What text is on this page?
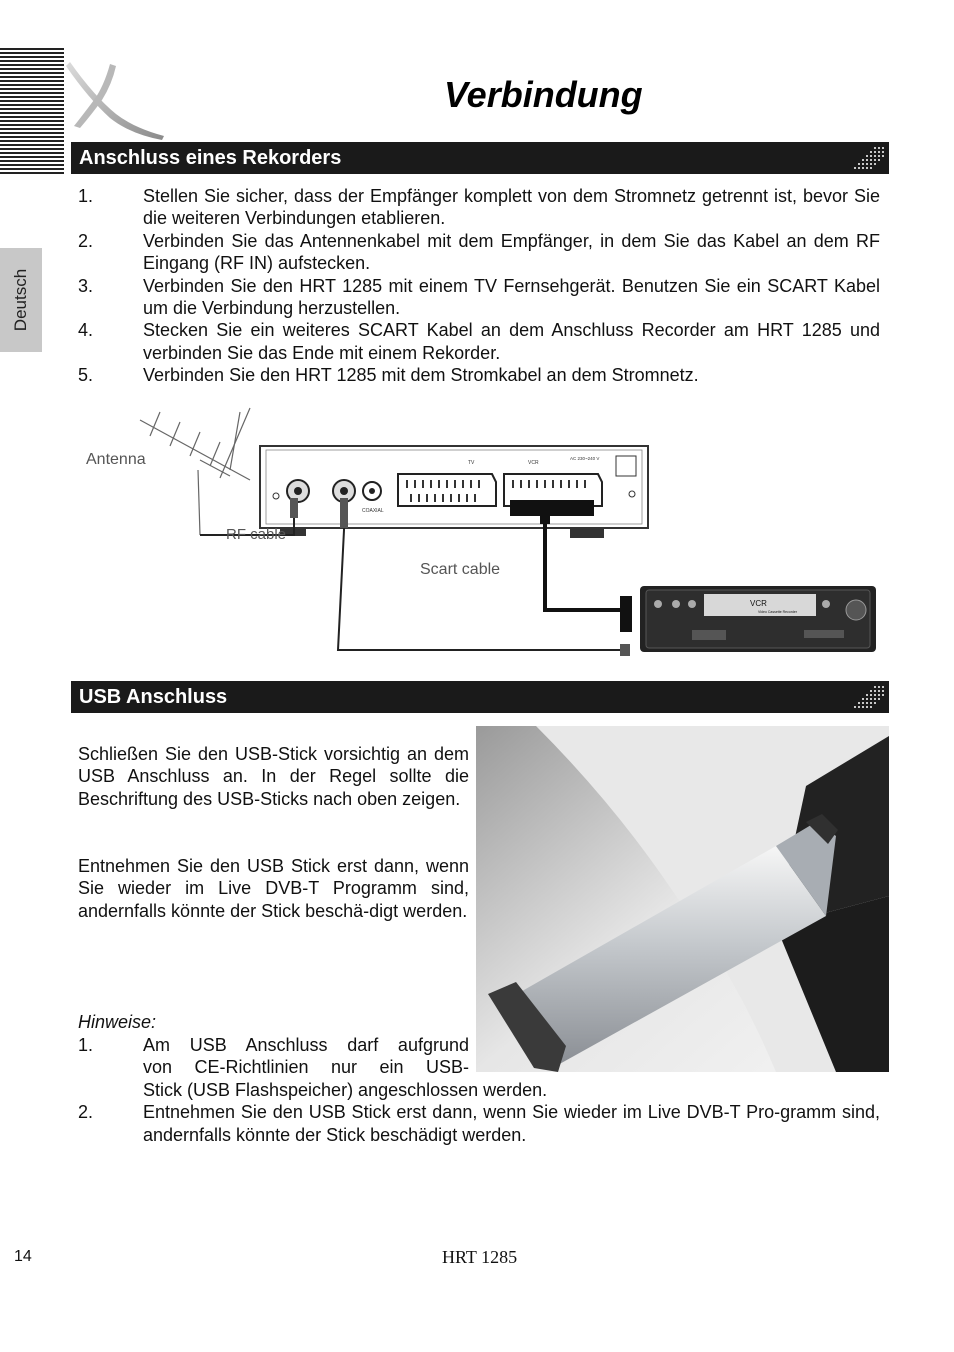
Deutsch
Verbindung
Anschluss eines Rekorders
1.	Stellen Sie sicher, dass der Empfänger komplett von dem Stromnetz getrennt ist, bevor Sie die weiteren Verbindungen etablieren.
2.	Verbinden Sie das Antennenkabel mit dem Empfänger, in dem Sie das Kabel an dem RF Eingang (RF IN) aufstecken.
3.	Verbinden Sie den HRT 1285 mit einem TV Fernsehgerät. Benutzen Sie ein SCART Kabel um die Verbindung herzustellen.
4.	Stecken Sie ein weiteres SCART Kabel an dem Anschluss Recorder am HRT 1285 und verbinden Sie das Ende mit einem Rekorder.
5.	Verbinden Sie den HRT 1285 mit dem Stromkabel an dem Stromnetz.
Antenna
COAXIAL
TV	VCR
AC 230~240 V
RF cable
Scart cable
VCR
Video Cassette Recorder
USB Anschluss
Schließen Sie den USB-Stick vorsichtig an dem USB Anschluss an. In der Regel sollte die Beschriftung des USB-Sticks nach oben zeigen.
Entnehmen Sie den USB Stick erst dann, wenn Sie wieder im Live DVB-T Programm sind, andernfalls könnte der Stick beschä-digt werden.
Hinweise:
1.	Am USB Anschluss darf aufgrund
von CE-Richtlinien nur ein USB-
Stick (USB Flashspeicher) angeschlossen werden.
2.	Entnehmen Sie den USB Stick erst dann, wenn Sie wieder im Live DVB-T Pro-gramm sind, andernfalls könnte der Stick beschädigt werden.
14	HRT 1285
